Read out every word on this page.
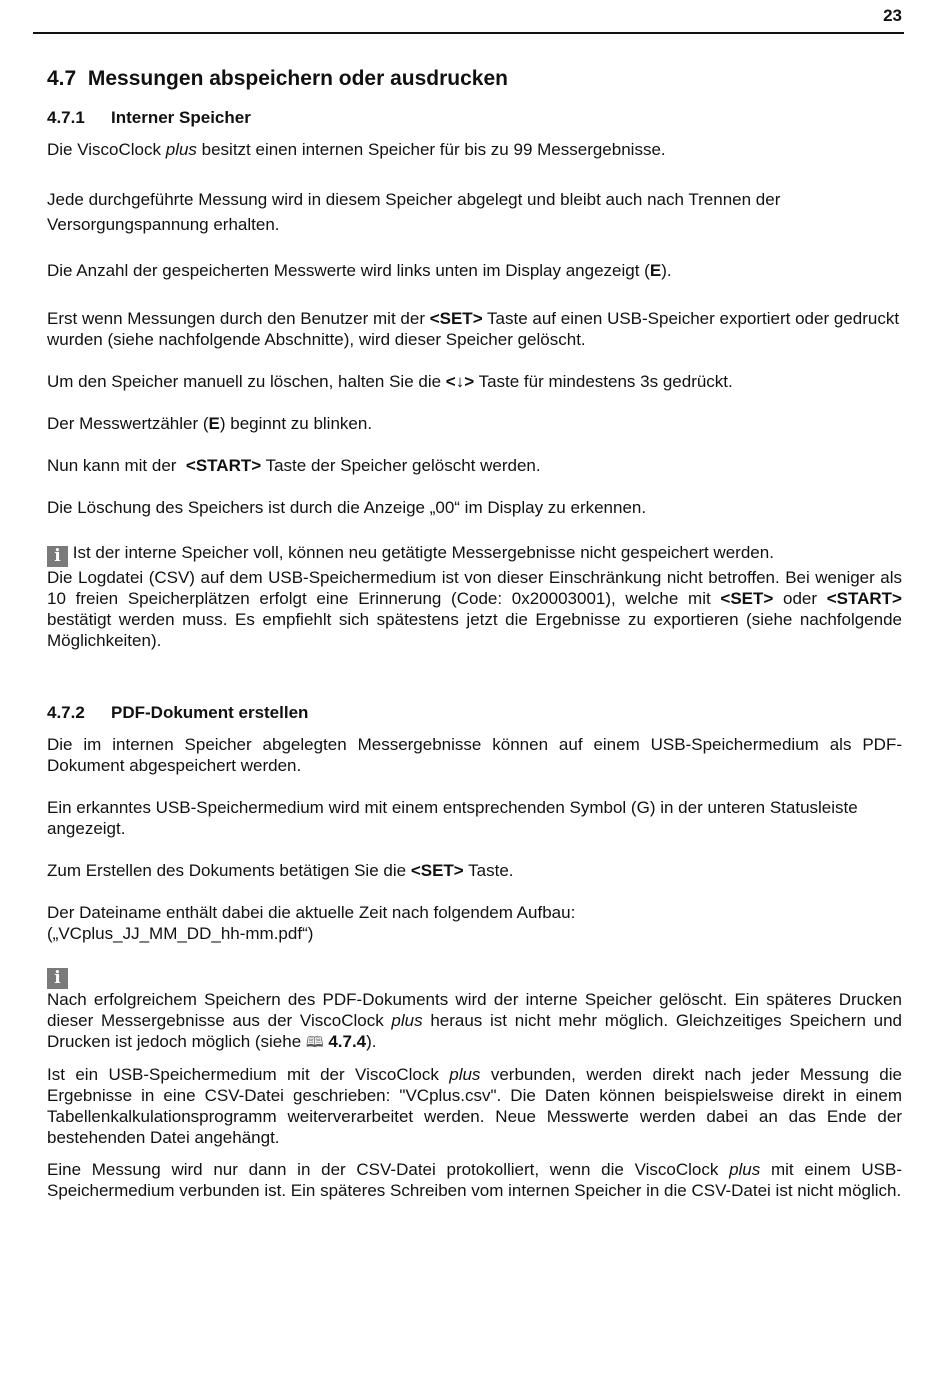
23
4.7 Messungen abspeichern oder ausdrucken
4.7.1 Interner Speicher

Die ViscoClock plus besitzt einen internen Speicher für bis zu 99 Messergebnisse.

Jede durchgeführte Messung wird in diesem Speicher abgelegt und bleibt auch nach Trennen der Versorgungspannung erhalten.

Die Anzahl der gespeicherten Messwerte wird links unten im Display angezeigt (E).

Erst wenn Messungen durch den Benutzer mit der <SET> Taste auf einen USB-Speicher exportiert oder gedruckt wurden (siehe nachfolgende Abschnitte), wird dieser Speicher gelöscht.

Um den Speicher manuell zu löschen, halten Sie die <↓> Taste für mindestens 3s gedrückt.

Der Messwertzähler (E) beginnt zu blinken.

Nun kann mit der  <START> Taste der Speicher gelöscht werden.

Die Löschung des Speichers ist durch die Anzeige „00“ im Display zu erkennen.

i Ist der interne Speicher voll, können neu getätigte Messergebnisse nicht gespeichert werden.
Die Logdatei (CSV) auf dem USB-Speichermedium ist von dieser Einschränkung nicht betroffen. Bei weniger als 10 freien Speicherplätzen erfolgt eine Erinnerung (Code: 0x20003001), welche mit <SET> oder <START> bestätigt werden muss. Es empfiehlt sich spätestens jetzt die Ergebnisse zu exportieren (siehe nachfolgende Möglichkeiten).

4.7.2 PDF-Dokument erstellen

Die im internen Speicher abgelegten Messergebnisse können auf einem USB-Speichermedium als PDF-Dokument abgespeichert werden.

Ein erkanntes USB-Speichermedium wird mit einem entsprechenden Symbol (G) in der unteren Statusleiste angezeigt.

Zum Erstellen des Dokuments betätigen Sie die <SET> Taste.

Der Dateiname enthält dabei die aktuelle Zeit nach folgendem Aufbau:
(„VCplus_JJ_MM_DD_hh-mm.pdf“)

i
Nach erfolgreichem Speichern des PDF-Dokuments wird der interne Speicher gelöscht. Ein späteres Drucken dieser Messergebnisse aus der ViscoClock plus heraus ist nicht mehr möglich. Gleichzeitiges Speichern und Drucken ist jedoch möglich (siehe 🕮 4.7.4).

Ist ein USB-Speichermedium mit der ViscoClock plus verbunden, werden direkt nach jeder Messung die Ergebnisse in eine CSV-Datei geschrieben: "VCplus.csv". Die Daten können beispielsweise direkt in einem Tabellenkalkulationsprogramm weiterverarbeitet werden. Neue Messwerte werden dabei an das Ende der bestehenden Datei angehängt.

Eine Messung wird nur dann in der CSV-Datei protokolliert, wenn die ViscoClock plus mit einem USB-Speichermedium verbunden ist. Ein späteres Schreiben vom internen Speicher in die CSV-Datei ist nicht möglich.
